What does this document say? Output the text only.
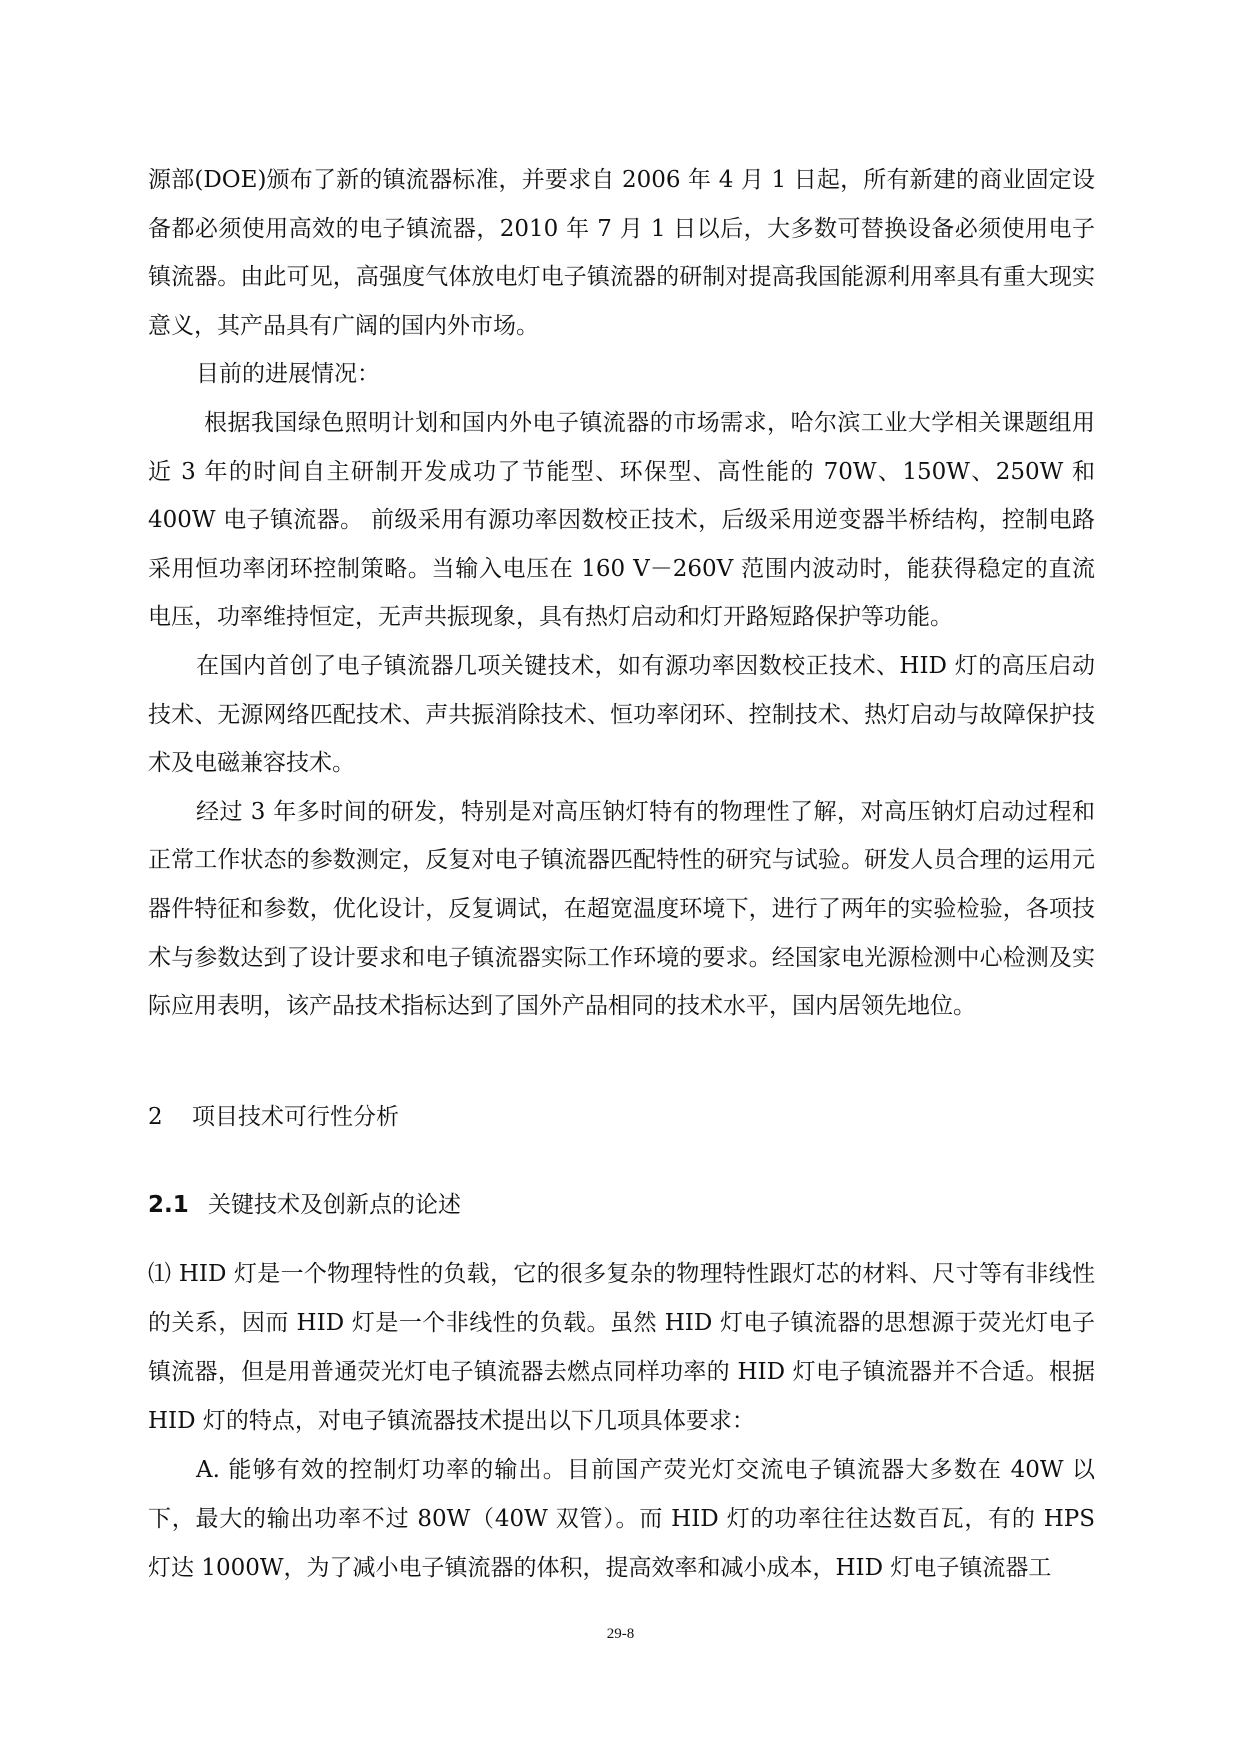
源部(DOE)颁布了新的镇流器标准，并要求自 2006 年 4 月 1 日起，所有新建的商业固定设备都必须使用高效的电子镇流器，2010 年 7 月 1 日以后，大多数可替换设备必须使用电子镇流器。由此可见，高强度气体放电灯电子镇流器的研制对提高我国能源利用率具有重大现实意义，其产品具有广阔的国内外市场。

目前的进展情况：

根据我国绿色照明计划和国内外电子镇流器的市场需求，哈尔滨工业大学相关课题组用近 3 年的时间自主研制开发成功了节能型、环保型、高性能的 70W、150W、250W 和 400W 电子镇流器。 前级采用有源功率因数校正技术，后级采用逆变器半桥结构，控制电路采用恒功率闭环控制策略。当输入电压在 160 V－260V 范围内波动时，能获得稳定的直流电压，功率维持恒定，无声共振现象，具有热灯启动和灯开路短路保护等功能。

在国内首创了电子镇流器几项关键技术，如有源功率因数校正技术、HID 灯的高压启动技术、无源网络匹配技术、声共振消除技术、恒功率闭环、控制技术、热灯启动与故障保护技术及电磁兼容技术。

经过 3 年多时间的研发，特别是对高压钠灯特有的物理性了解，对高压钠灯启动过程和正常工作状态的参数测定，反复对电子镇流器匹配特性的研究与试验。研发人员合理的运用元器件特征和参数，优化设计，反复调试，在超宽温度环境下，进行了两年的实验检验，各项技术与参数达到了设计要求和电子镇流器实际工作环境的要求。经国家电光源检测中心检测及实际应用表明，该产品技术指标达到了国外产品相同的技术水平，国内居领先地位。

2 项目技术可行性分析
2.1 关键技术及创新点的论述

⑴ HID 灯是一个物理特性的负载，它的很多复杂的物理特性跟灯芯的材料、尺寸等有非线性的关系，因而 HID 灯是一个非线性的负载。虽然 HID 灯电子镇流器的思想源于荧光灯电子镇流器，但是用普通荧光灯电子镇流器去燃点同样功率的 HID 灯电子镇流器并不合适。根据 HID 灯的特点，对电子镇流器技术提出以下几项具体要求：

A. 能够有效的控制灯功率的输出。目前国产荧光灯交流电子镇流器大多数在 40W 以下，最大的输出功率不过 80W（40W 双管）。而 HID 灯的功率往往达数百瓦，有的 HPS 灯达 1000W，为了减小电子镇流器的体积，提高效率和减小成本，HID 灯电子镇流器工

29-8
